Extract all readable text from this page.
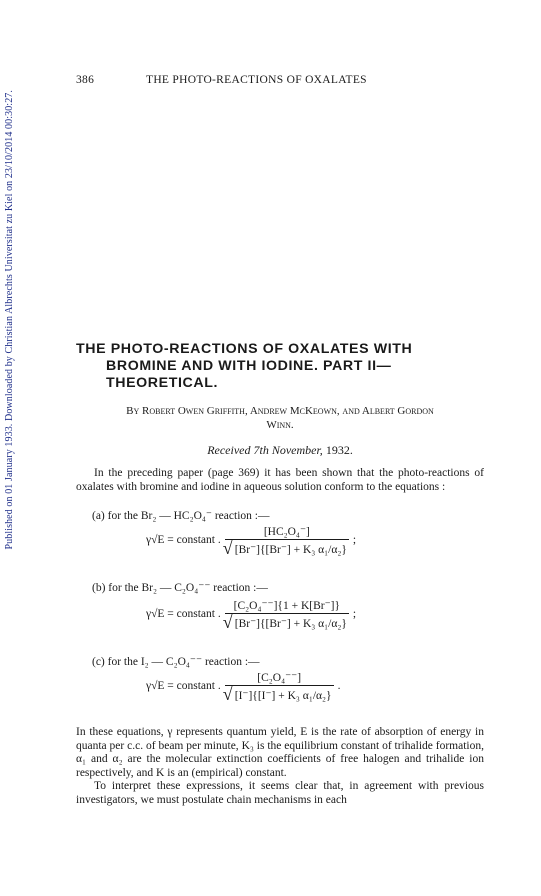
Published on 01 January 1933. Downloaded by Christian Albrechts Universitat zu Kiel on 23/10/2014 00:30:27.
386	THE PHOTO-REACTIONS OF OXALATES
THE PHOTO-REACTIONS OF OXALATES WITH
BROMINE AND WITH IODINE. PART II—
THEORETICAL.
By Robert Owen Griffith, Andrew McKeown, and Albert Gordon
Winn.
Received 7th November, 1932.
In the preceding paper (page 369) it has been shown that the photo-reactions of oxalates with bromine and iodine in aqueous solution conform to the equations :
(a) for the Br₂ — HC₂O₄⁻ reaction :—
γ√E = constant . [HC₂O₄⁻]
√ [Br⁻]{[Br⁻] + K₃ α₁/α₂} ;
(b) for the Br₂ — C₂O₄⁻⁻ reaction :—
γ√E = constant . [C₂O₄⁻⁻]{1 + K[Br⁻]}
√ [Br⁻]{[Br⁻] + K₃ α₁/α₂} ;
(c) for the I₂ — C₂O₄⁻⁻ reaction :—
γ√E = constant . [C₂O₄⁻⁻]
√ [I⁻]{[I⁻] + K₃ α₁/α₂} .
In these equations, γ represents quantum yield, E is the rate of absorption of energy in quanta per c.c. of beam per minute, K₃ is the equilibrium constant of trihalide formation, α₁ and α₂ are the molecular extinction coefficients of free halogen and trihalide ion respectively, and K is an (empirical) constant.
To interpret these expressions, it seems clear that, in agreement with previous investigators, we must postulate chain mechanisms in each
